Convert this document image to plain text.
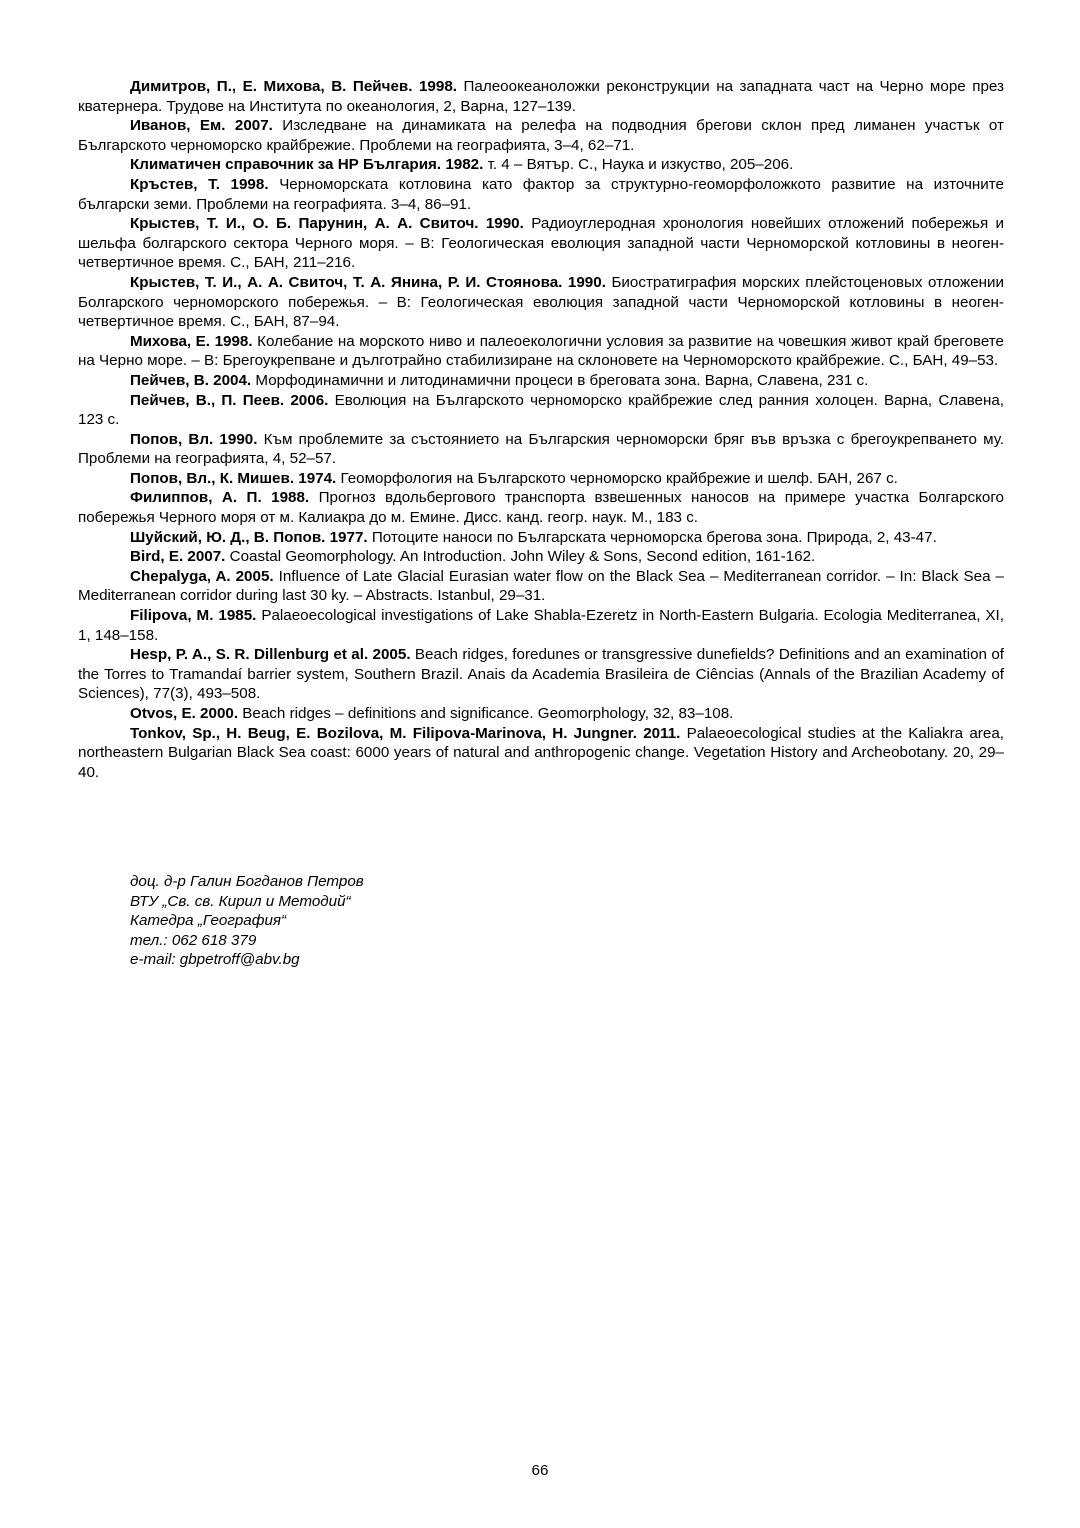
Димитров, П., Е. Михова, В. Пейчев. 1998. Палеоокеаноложки реконструкции на западната част на Черно море през кватернера. Трудове на Института по океанология, 2, Варна, 127–139.

Иванов, Ем. 2007. Изследване на динамиката на релефа на подводния брегови склон пред лиманен участък от Българското черноморско крайбрежие. Проблеми на географията, 3–4, 62–71.

Климатичен справочник за НР България. 1982. т. 4 – Вятър. С., Наука и изкуство, 205–206.

Кръстев, Т. 1998. Черноморската котловина като фактор за структурно-геоморфоложкото развитие на източните български земи. Проблеми на географията. 3–4, 86–91.

Крыстев, Т. И., О. Б. Парунин, А. А. Свиточ. 1990. Радиоуглеродная хронология новейших отложений побережья и шельфа болгарского сектора Черного моря. – В: Геологическая еволюция западной части Черноморской котловины в неоген-четвертичное время. С., БАН, 211–216.

Крыстев, Т. И., А. А. Свиточ, Т. А. Янина, Р. И. Стоянова. 1990. Биостратиграфия морских плейстоценовых отложении Болгарского черноморского побережья. – В: Геологическая еволюция западной части Черноморской котловины в неоген-четвертичное время. С., БАН, 87–94.

Михова, Е. 1998. Колебание на морското ниво и палеоекологични условия за развитие на човешкия живот край бреговете на Черно море. – В: Брегоукрепване и дълготрайно стабилизиране на склоновете на Черноморското крайбрежие. С., БАН, 49–53.

Пейчев, В. 2004. Морфодинамични и литодинамични процеси в бреговата зона. Варна, Славена, 231 с.

Пейчев, В., П. Пеев. 2006. Еволюция на Българското черноморско крайбрежие след ранния холоцен. Варна, Славена, 123 с.

Попов, Вл. 1990. Към проблемите за състоянието на Българския черноморски бряг във връзка с брегоукрепването му. Проблеми на географията, 4, 52–57.

Попов, Вл., К. Мишев. 1974. Геоморфология на Българското черноморско крайбрежие и шелф. БАН, 267 с.

Филиппов, А. П. 1988. Прогноз вдольбергового транспорта взвешенных наносов на примере участка Болгарского побережья Черного моря от м. Калиакра до м. Емине. Дисс. канд. геогр. наук. М., 183 с.

Шуйский, Ю. Д., В. Попов. 1977. Потоците наноси по Българската черноморска брегова зона. Природа, 2, 43-47.

Bird, E. 2007. Coastal Geomorphology. An Introduction. John Wiley & Sons, Second edition, 161-162.

Chepalyga, A. 2005. Influence of Late Glacial Eurasian water flow on the Black Sea – Mediterranean corridor. – In: Black Sea – Mediterranean corridor during last 30 ky. – Abstracts. Istanbul, 29–31.

Filipova, M. 1985. Palaeoecological investigations of Lake Shabla-Ezeretz in North-Eastern Bulgaria. Ecologia Mediterranea, XI, 1, 148–158.

Hesp, P. A., S. R. Dillenburg et al. 2005. Beach ridges, foredunes or transgressive dunefields? Definitions and an examination of the Torres to Tramandaí barrier system, Southern Brazil. Anais da Academia Brasileira de Ciências (Annals of the Brazilian Academy of Sciences), 77(3), 493–508.

Otvos, E. 2000. Beach ridges – definitions and significance. Geomorphology, 32, 83–108.

Tonkov, Sp., H. Beug, E. Bozilova, M. Filipova-Marinova, H. Jungner. 2011. Palaeoecological studies at the Kaliakra area, northeastern Bulgarian Black Sea coast: 6000 years of natural and anthropogenic change. Vegetation History and Archeobotany. 20, 29–40.

доц. д-р Галин Богданов Петров
ВТУ „Св. св. Кирил и Методий“
Катедра „География“
тел.: 062 618 379
e-mail: gbpetroff@abv.bg
66
